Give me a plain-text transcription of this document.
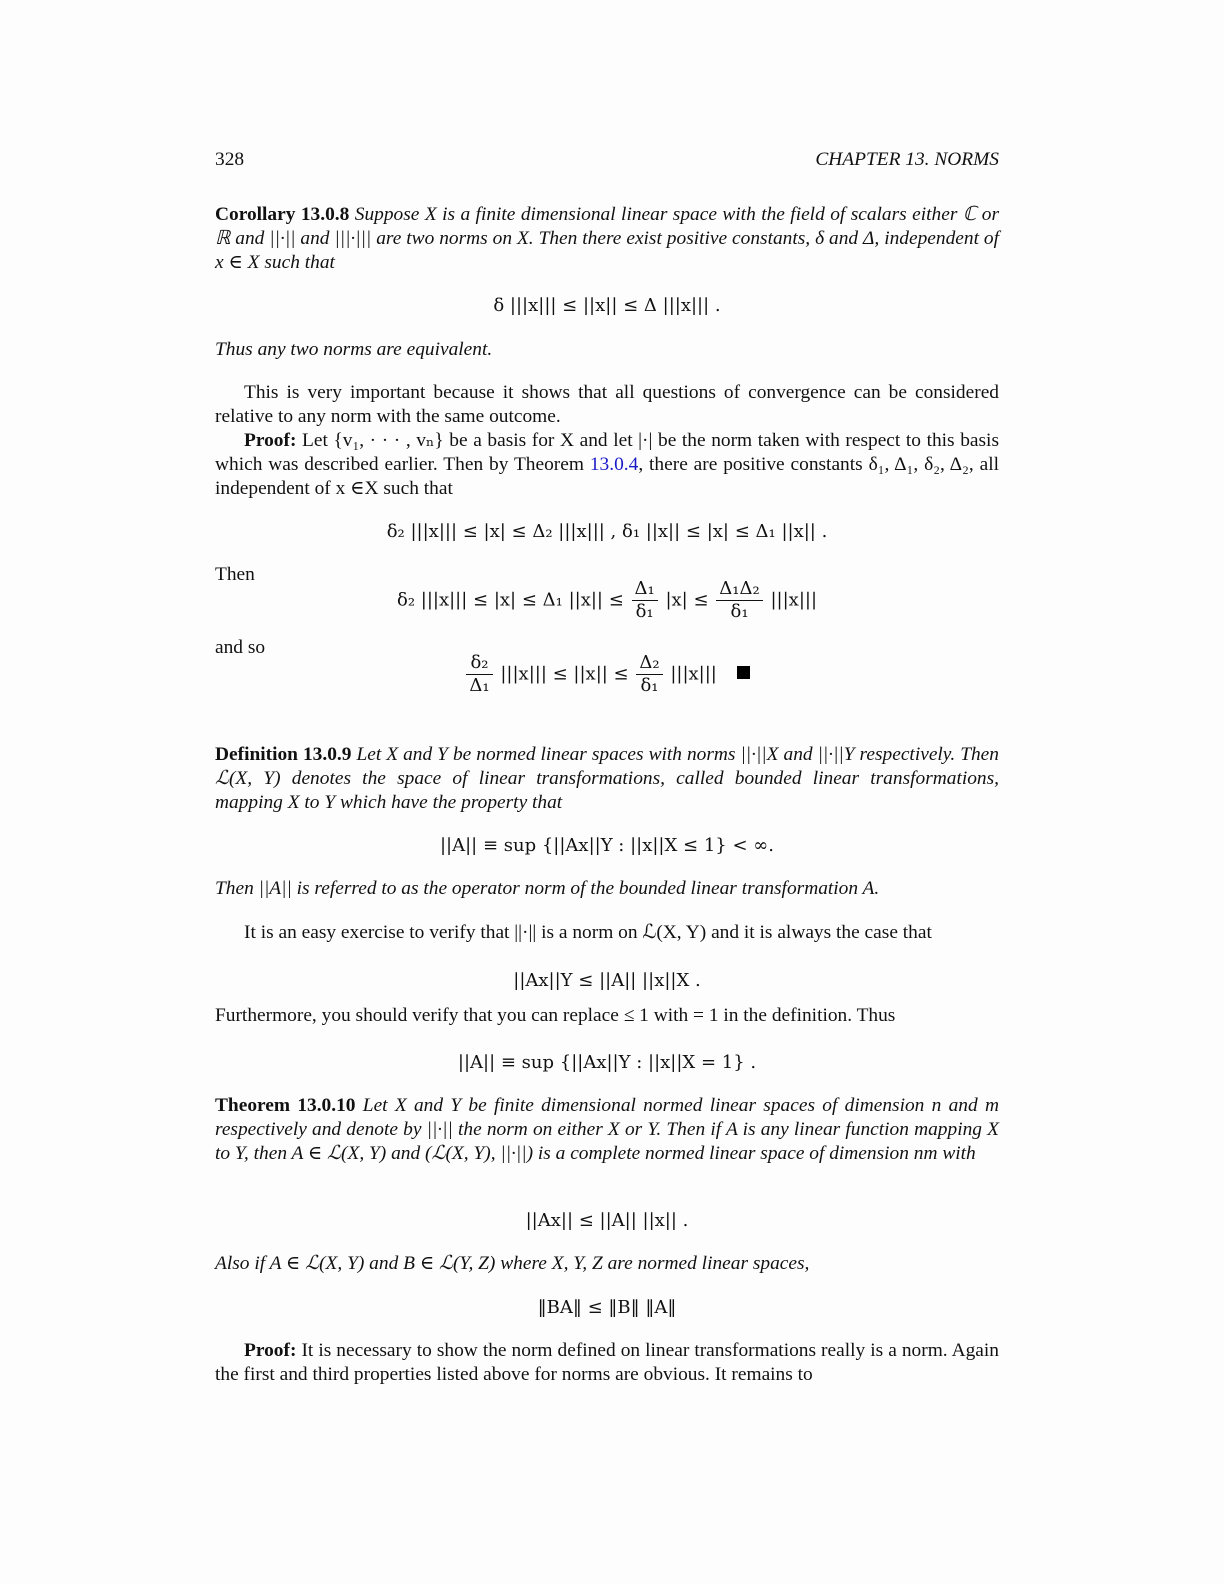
328	CHAPTER 13. NORMS

Corollary 13.0.8 Suppose X is a finite dimensional linear space with the field of scalars either ℂ or ℝ and ||·|| and |||·||| are two norms on X. Then there exist positive constants, δ and Δ, independent of x ∈ X such that

δ |||x||| ≤ ||x|| ≤ Δ |||x||| .

Thus any two norms are equivalent.

This is very important because it shows that all questions of convergence can be considered relative to any norm with the same outcome.

Proof: Let {v₁, · · · , vₙ} be a basis for X and let |·| be the norm taken with respect to this basis which was described earlier. Then by Theorem 13.0.4, there are positive constants δ₁, Δ₁, δ₂, Δ₂, all independent of x ∈X such that

δ₂ |||x||| ≤ |x| ≤ Δ₂ |||x||| , δ₁ ||x|| ≤ |x| ≤ Δ₁ ||x|| .
Then
δ₂ |||x||| ≤ |x| ≤ Δ₁ $||x|| \le \frac{\text{Δ₁}}{\text{δ₁}} |x| \le \frac{\text{Δ₁Δ₂}}{\text{δ₁}} |||x|||$
and so
$\frac{\text{δ₂}}{\text{Δ₁}} |||x||| \le ||x|| \le \frac{\text{Δ₂}}{\text{δ₁}} |||x|||$

Definition 13.0.9 Let X and Y be normed linear spaces with norms ||·||X and ||·||Y respectively. Then ℒ(X, Y) denotes the space of linear transformations, called bounded linear transformations, mapping X to Y which have the property that

||A|| ≡ sup {||Ax||Y : ||x||X ≤ 1} < ∞.

Then ||A|| is referred to as the operator norm of the bounded linear transformation A.

It is an easy exercise to verify that ||·|| is a norm on ℒ(X, Y) and it is always the case that

||Ax||Y ≤ ||A|| ||x||X .

Furthermore, you should verify that you can replace ≤ 1 with = 1 in the definition. Thus

||A|| ≡ sup {||Ax||Y : ||x||X = 1} .

Theorem 13.0.10 Let X and Y be finite dimensional normed linear spaces of dimension n and m respectively and denote by ||·|| the norm on either X or Y. Then if A is any linear function mapping X to Y, then A ∈ ℒ(X, Y) and (ℒ(X, Y), ||·||) is a complete normed linear space of dimension nm with

||Ax|| ≤ ||A|| ||x|| .

Also if A ∈ ℒ(X, Y) and B ∈ ℒ(Y, Z) where X, Y, Z are normed linear spaces,

‖BA‖ ≤ ‖B‖ ‖A‖

Proof: It is necessary to show the norm defined on linear transformations really is a norm. Again the first and third properties listed above for norms are obvious. It remains to
